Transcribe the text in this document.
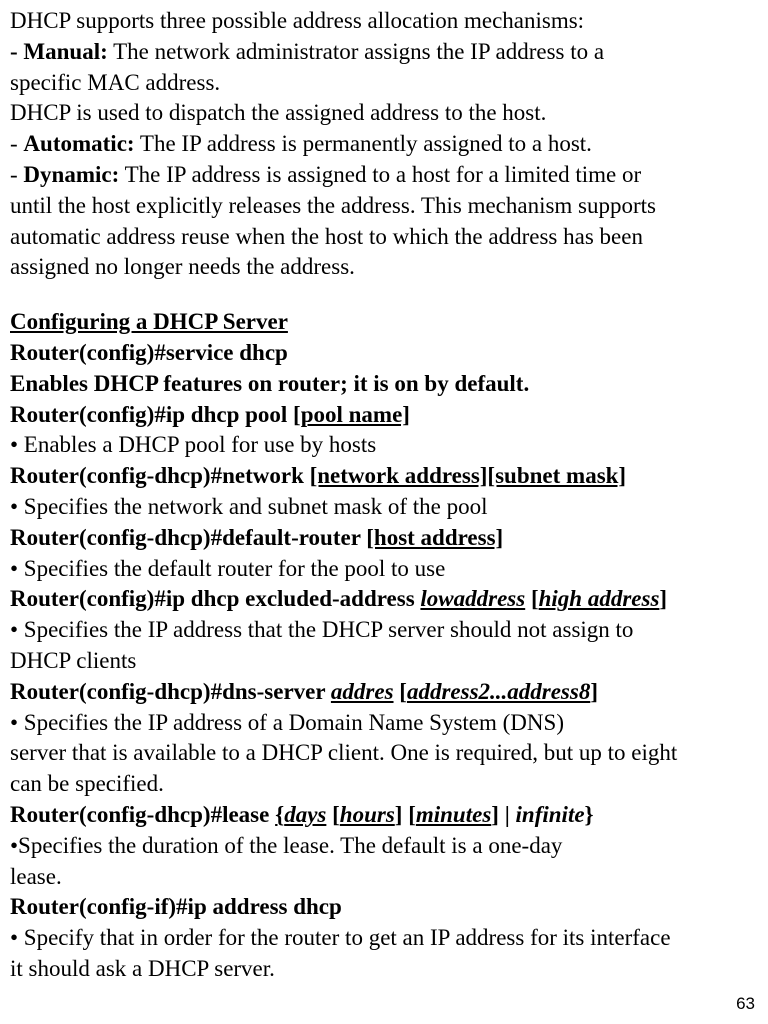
DHCP supports three possible address allocation mechanisms:
- Manual: The network administrator assigns the IP address to a
specific MAC address.
DHCP is used to dispatch the assigned address to the host.
- Automatic: The IP address is permanently assigned to a host.
- Dynamic: The IP address is assigned to a host for a limited time or
until the host explicitly releases the address. This mechanism supports
automatic address reuse when the host to which the address has been
assigned no longer needs the address.
Configuring a DHCP Server
Router(config)#service dhcp
Enables DHCP features on router; it is on by default.
Router(config)#ip dhcp pool [pool name]
• Enables a DHCP pool for use by hosts
Router(config-dhcp)#network [network address][subnet mask]
• Specifies the network and subnet mask of the pool
Router(config-dhcp)#default-router [host address]
• Specifies the default router for the pool to use
Router(config)#ip dhcp excluded-address lowaddress [high address]
• Specifies the IP address that the DHCP server should not assign to
DHCP clients
Router(config-dhcp)#dns-server addres [address2...address8]
• Specifies the IP address of a Domain Name System (DNS)
server that is available to a DHCP client. One is required, but up to eight
can be specified.
Router(config-dhcp)#lease {days [hours] [minutes] | infinite}
•Specifies the duration of the lease. The default is a one-day
lease.
Router(config-if)#ip address dhcp
• Specify that in order for the router to get an IP address for its interface
it should ask a DHCP server.
63
